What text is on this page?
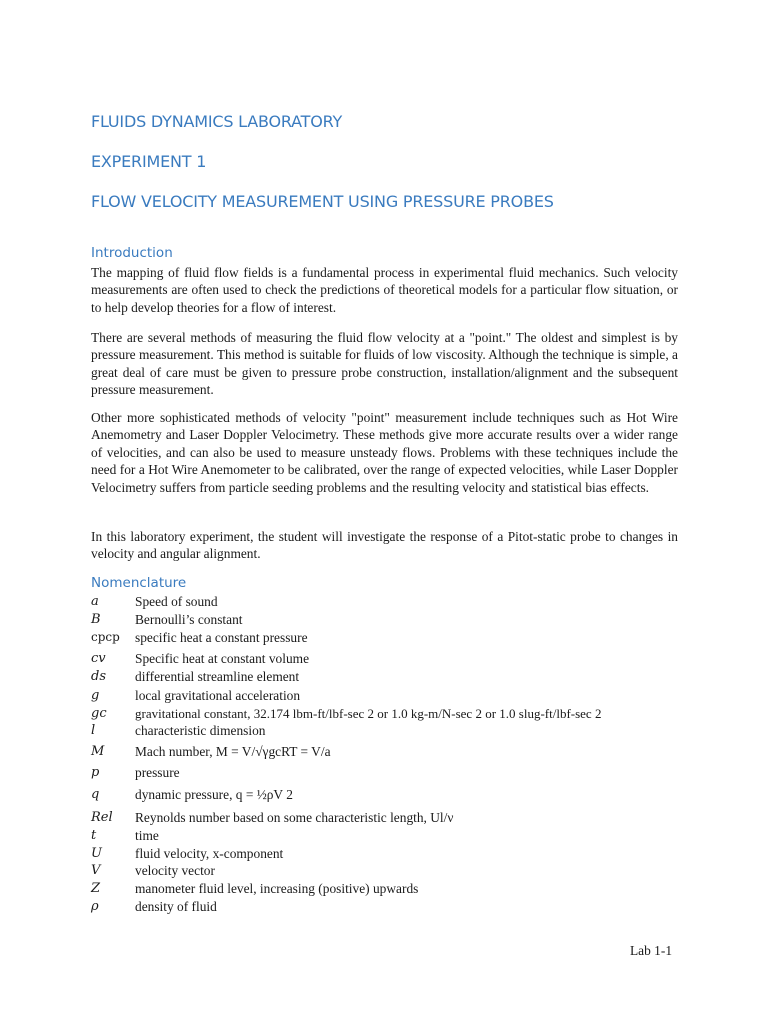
FLUIDS DYNAMICS LABORATORY
EXPERIMENT 1
FLOW VELOCITY MEASUREMENT USING PRESSURE PROBES
Introduction

The mapping of fluid flow fields is a fundamental process in experimental fluid mechanics. Such velocity measurements are often used to check the predictions of theoretical models for a particular flow situation, or to help develop theories for a flow of interest.

There are several methods of measuring the fluid flow velocity at a "point." The oldest and simplest is by pressure measurement. This method is suitable for fluids of low viscosity. Although the technique is simple, a great deal of care must be given to pressure probe construction, installation/alignment and the subsequent pressure measurement.

Other more sophisticated methods of velocity "point" measurement include techniques such as Hot Wire Anemometry and Laser Doppler Velocimetry. These methods give more accurate results over a wider range of velocities, and can also be used to measure unsteady flows. Problems with these techniques include the need for a Hot Wire Anemometer to be calibrated, over the range of expected velocities, while Laser Doppler Velocimetry suffers from particle seeding problems and the resulting velocity and statistical bias effects.

In this laboratory experiment, the student will investigate the response of a Pitot-static probe to changes in velocity and angular alignment.

Nomenclature
a	Speed of sound
B	Bernoulli’s constant
cpcp specific heat a constant pressure
cv Specific heat at constant volume
ds differential streamline element
g	local gravitational acceleration
gc gravitational constant, 32.174 lbm-ft/lbf-sec 2 or 1.0 kg-m/N-sec 2 or 1.0 slug-ft/lbf-sec 2
l	characteristic dimension
M Mach number, M = V/√γgcRT = V/a
p	pressure
q	dynamic pressure, q = ½ρV 2
Rel Reynolds number based on some characteristic length, Ul/ν
t	time
U fluid velocity, x-component
V	velocity vector
Z	manometer fluid level, increasing (positive) upwards
ρ	density of fluid
Lab 1-1
